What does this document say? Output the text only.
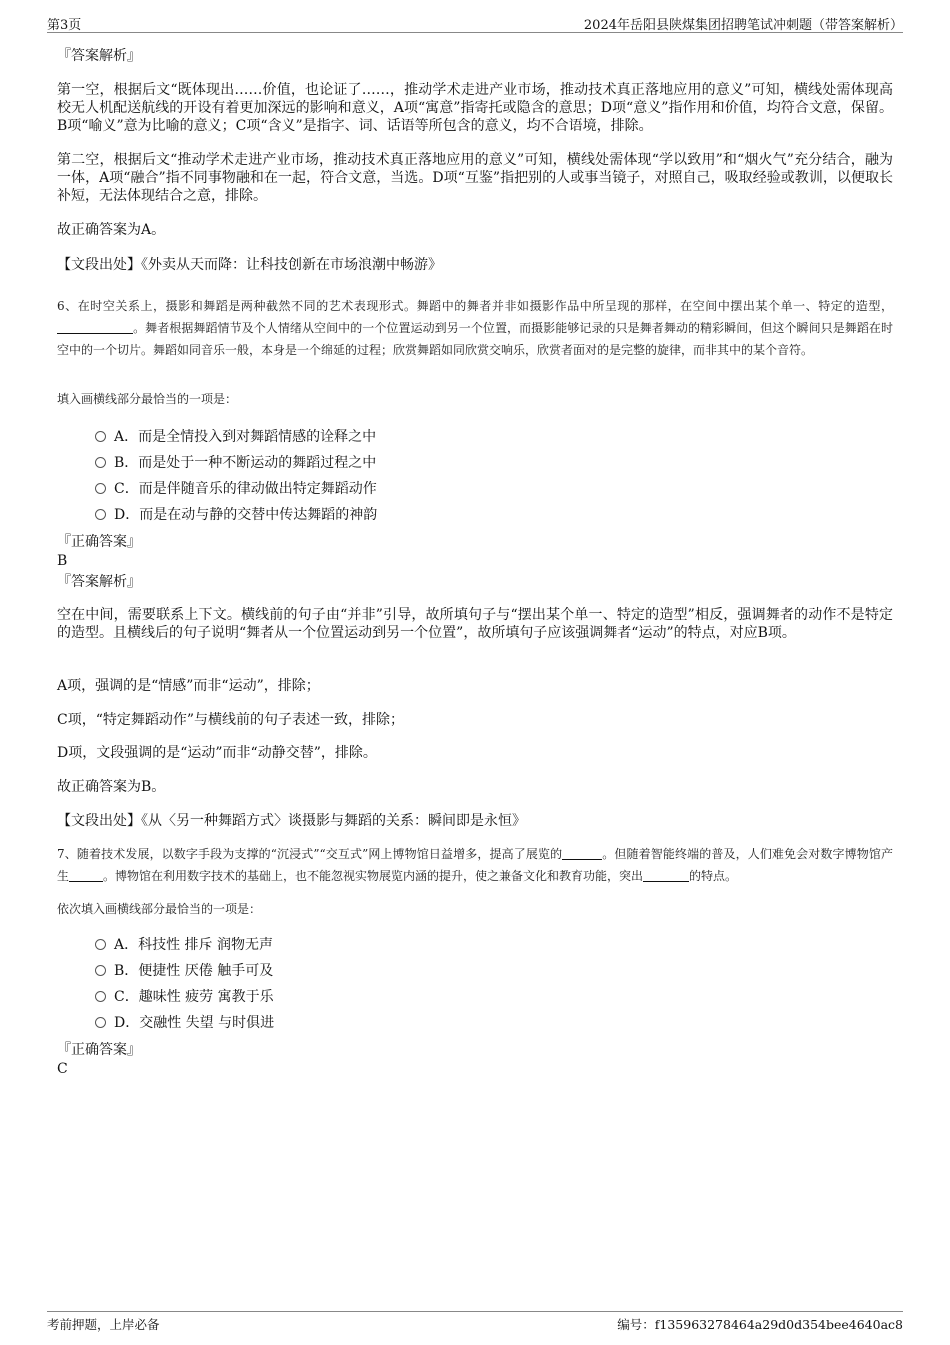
第3页	2024年岳阳县陕煤集团招聘笔试冲刺题（带答案解析）
『答案解析』

第一空，根据后文“既体现出……价值，也论证了……，推动学术走进产业市场，推动技术真正落地应用的意义”可知，横线处需体现高校无人机配送航线的开设有着更加深远的影响和意义，A项“寓意”指寄托或隐含的意思；D项“意义”指作用和价值，均符合文意，保留。B项“喻义”意为比喻的意义；C项“含义”是指字、词、话语等所包含的意义，均不合语境，排除。

第二空，根据后文“推动学术走进产业市场，推动技术真正落地应用的意义”可知，横线处需体现“学以致用”和“烟火气”充分结合，融为一体，A项“融合”指不同事物融和在一起，符合文意，当选。D项“互鉴”指把别的人或事当镜子，对照自己，吸取经验或教训，以便取长补短，无法体现结合之意，排除。

故正确答案为A。
【文段出处】《外卖从天而降：让科技创新在市场浪潮中畅游》

6、在时空关系上，摄影和舞蹈是两种截然不同的艺术表现形式。舞蹈中的舞者并非如摄影作品中所呈现的那样，在空间中摆出某个单一、特定的造型，。舞者根据舞蹈情节及个人情绪从空间中的一个位置运动到另一个位置，而摄影能够记录的只是舞者舞动的精彩瞬间，但这个瞬间只是舞蹈在时空中的一个切片。舞蹈如同音乐一般，本身是一个绵延的过程；欣赏舞蹈如同欣赏交响乐，欣赏者面对的是完整的旋律，而非其中的某个音符。

填入画横线部分最恰当的一项是：
A．而是全情投入到对舞蹈情感的诠释之中
B．而是处于一种不断运动的舞蹈过程之中
C．而是伴随音乐的律动做出特定舞蹈动作
D．而是在动与静的交替中传达舞蹈的神韵
『正确答案』
B
『答案解析』

空在中间，需要联系上下文。横线前的句子由“并非”引导，故所填句子与“摆出某个单一、特定的造型”相反，强调舞者的动作不是特定的造型。且横线后的句子说明“舞者从一个位置运动到另一个位置”，故所填句子应该强调舞者“运动”的特点，对应B项。

A项，强调的是“情感”而非“运动”，排除；
C项，“特定舞蹈动作”与横线前的句子表述一致，排除；
D项，文段强调的是“运动”而非“动静交替”，排除。
故正确答案为B。
【文段出处】《从〈另一种舞蹈方式〉谈摄影与舞蹈的关系：瞬间即是永恒》

7、随着技术发展，以数字手段为支撑的“沉浸式”“交互式”网上博物馆日益增多，提高了展览的	。但随着智能终端的普及，人们难免会对数字博物馆产生	。博物馆在利用数字技术的基础上，也不能忽视实物展览内涵的提升，使之兼备文化和教育功能，突出	的特点。

依次填入画横线部分最恰当的一项是：
A．科技性 排斥 润物无声
B．便捷性 厌倦 触手可及
C．趣味性 疲劳 寓教于乐
D．交融性 失望 与时俱进
『正确答案』
C
考前押题，上岸必备	编号：f135963278464a29d0d354bee4640ac8
